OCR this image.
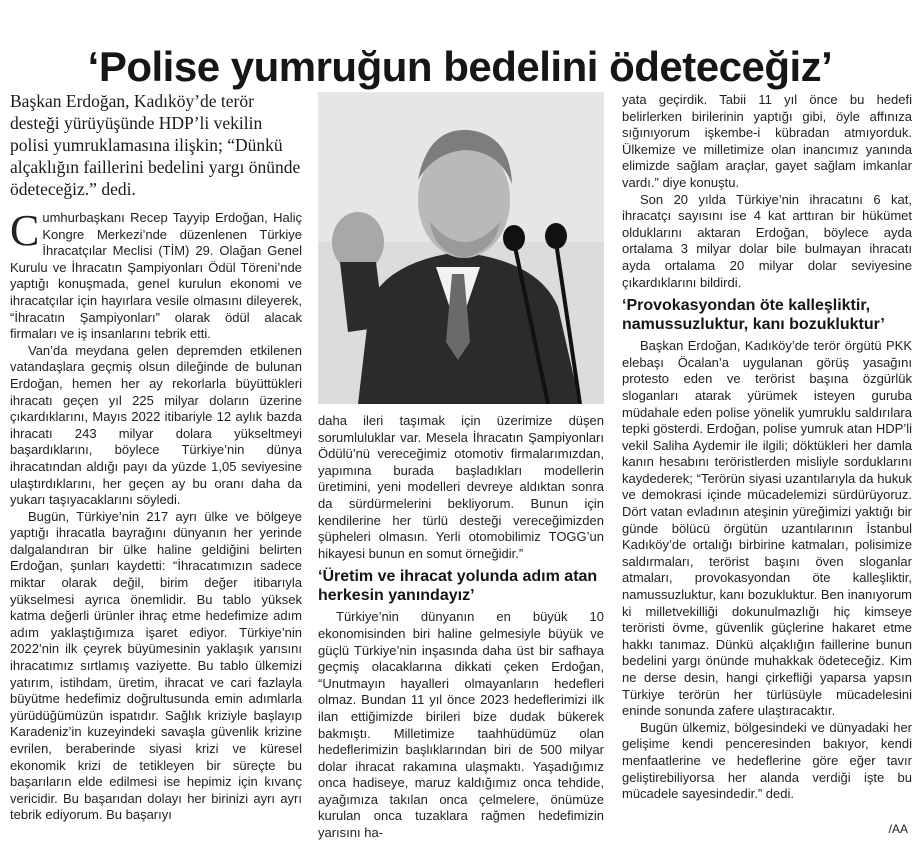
‘Polise yumruğun bedelini ödeteceğiz’
Başkan Erdoğan, Kadıköy’de terör desteği yürüyüşünde HDP’li vekilin polisi yumruklamasına ilişkin; “Dünkü alçaklığın faillerini bedelini yargı önünde ödeteceğiz.” dedi.

Cumhurbaşkanı Recep Tayyip Erdoğan, Haliç Kongre Merkezi’nde düzenlenen Türkiye İhracatçılar Meclisi (TİM) 29. Olağan Genel Kurulu ve İhracatın Şampiyonları Ödül Töreni’nde yaptığı konuşmada, genel kurulun ekonomi ve ihracatçılar için hayırlara vesile olmasını dileyerek, “İhracatın Şampiyonları” olarak ödül alacak firmaları ve iş insanlarını tebrik etti.

Van’da meydana gelen depremden etkilenen vatandaşlara geçmiş olsun dileğinde de bulunan Erdoğan, hemen her ay rekorlarla büyüttükleri ihracatı geçen yıl 225 milyar doların üzerine çıkardıklarını, Mayıs 2022 itibariyle 12 aylık bazda ihracatı 243 milyar dolara yükseltmeyi başardıklarını, böylece Türkiye’nin dünya ihracatından aldığı payı da yüzde 1,05 seviyesine ulaştırdıklarını, her geçen ay bu oranı daha da yukarı taşıyacaklarını söyledi.

Bugün, Türkiye’nin 217 ayrı ülke ve bölgeye yaptığı ihracatla bayrağını dünyanın her yerinde dalgalandıran bir ülke haline geldiğini belirten Erdoğan, şunları kaydetti: “İhracatımızın sadece miktar olarak değil, birim değer itibarıyla yükselmesi ayrıca önemlidir. Bu tablo yüksek katma değerli ürünler ihraç etme hedefimize adım adım yaklaştığımıza işaret ediyor. Türkiye’nin 2022’nin ilk çeyrek büyümesinin yaklaşık yarısını ihracatımız sırtlamış vaziyette. Bu tablo ülkemizi yatırım, istihdam, üretim, ihracat ve cari fazlayla büyütme hedefimiz doğrultusunda emin adımlarla yürüdüğümüzün ispatıdır. Sağlık kriziyle başlayıp Karadeniz’in kuzeyindeki savaşla güvenlik krizine evrilen, beraberinde siyasi krizi ve küresel ekonomik krizi de tetikleyen bir süreçte bu başarıların elde edilmesi ise hepimiz için kıvanç vericidir. Bu başarıdan dolayı her birinizi ayrı ayrı tebrik ediyorum. Bu başarıyı

daha ileri taşımak için üzerimize düşen sorumluluklar var. Mesela İhracatın Şampiyonları Ödülü’nü vereceğimiz otomotiv firmalarımızdan, yapımına burada başladıkları modellerin üretimini, yeni modelleri devreye aldıktan sonra da sürdürmelerini bekliyorum. Bunun için kendilerine her türlü desteği vereceğimizden şüpheleri olmasın. Yerli otomobilimiz TOGG’un hikayesi bunun en somut örneğidir.”

‘Üretim ve ihracat yolunda adım atan herkesin yanındayız’

Türkiye’nin dünyanın en büyük 10 ekonomisinden biri haline gelmesiyle büyük ve güçlü Türkiye’nin inşasında daha üst bir safhaya geçmiş olacaklarına dikkati çeken Erdoğan, “Unutmayın hayalleri olmayanların hedefleri olmaz. Bundan 11 yıl önce 2023 hedeflerimizi ilk ilan ettiğimizde birileri bize dudak bükerek bakmıştı. Milletimize taahhüdümüz olan hedeflerimizin başlıklarından biri de 500 milyar dolar ihracat rakamına ulaşmaktı. Yaşadığımız onca hadiseye, maruz kaldığımız onca tehdide, ayağımıza takılan onca çelmelere, önümüze kurulan onca tuzaklara rağmen hedefimizin yarısını ha-

yata geçirdik. Tabii 11 yıl önce bu hedefi belirlerken birilerinin yaptığı gibi, öyle affınıza sığınıyorum işkembe-i kübradan atmıyorduk. Ülkemize ve milletimize olan inancımız yanında elimizde sağlam araçlar, gayet sağlam imkanlar vardı.” diye konuştu.

Son 20 yılda Türkiye’nin ihracatını 6 kat, ihracatçı sayısını ise 4 kat arttıran bir hükümet olduklarını aktaran Erdoğan, böylece ayda ortalama 3 milyar dolar bile bulmayan ihracatı ayda ortalama 20 milyar dolar seviyesine çıkardıklarını bildirdi.

‘Provokasyondan öte kalleşliktir, namussuzluktur, kanı bozukluktur’

Başkan Erdoğan, Kadıköy’de terör örgütü PKK elebaşı Öcalan’a uygulanan görüş yasağını protesto eden ve terörist başına özgürlük sloganları atarak yürümek isteyen guruba müdahale eden polise yönelik yumruklu saldırılara tepki gösterdi. Erdoğan, polise yumruk atan HDP’li vekil Saliha Aydemir ile ilgili; döktükleri her damla kanın hesabını teröristlerden misliyle sorduklarını kaydederek; “Terörün siyasi uzantılarıyla da hukuk ve demokrasi içinde mücadelemizi sürdürüyoruz. Dört vatan evladının ateşinin yüreğimizi yaktığı bir günde bölücü örgütün uzantılarının İstanbul Kadıköy’de ortalığı birbirine katmaları, polisimize saldırmaları, terörist başını öven sloganlar atmaları, provokasyondan öte kalleşliktir, namussuzluktur, kanı bozukluktur. Ben inanıyorum ki milletvekilliği dokunulmazlığı hiç kimseye teröristi övme, güvenlik güçlerine hakaret etme hakkı tanımaz. Dünkü alçaklığın faillerine bunun bedelini yargı önünde muhakkak ödeteceğiz. Kim ne derse desin, hangi çirkefliği yaparsa yapsın Türkiye terörün her türlüsüyle mücadelesini eninde sonunda zafere ulaştıracaktır.

Bugün ülkemiz, bölgesindeki ve dünyadaki her gelişime kendi penceresinden bakıyor, kendi menfaatlerine ve hedeflerine göre eğer tavır geliştirebiliyorsa her alanda verdiği işte bu mücadele sayesindedir.” dedi.

/AA
